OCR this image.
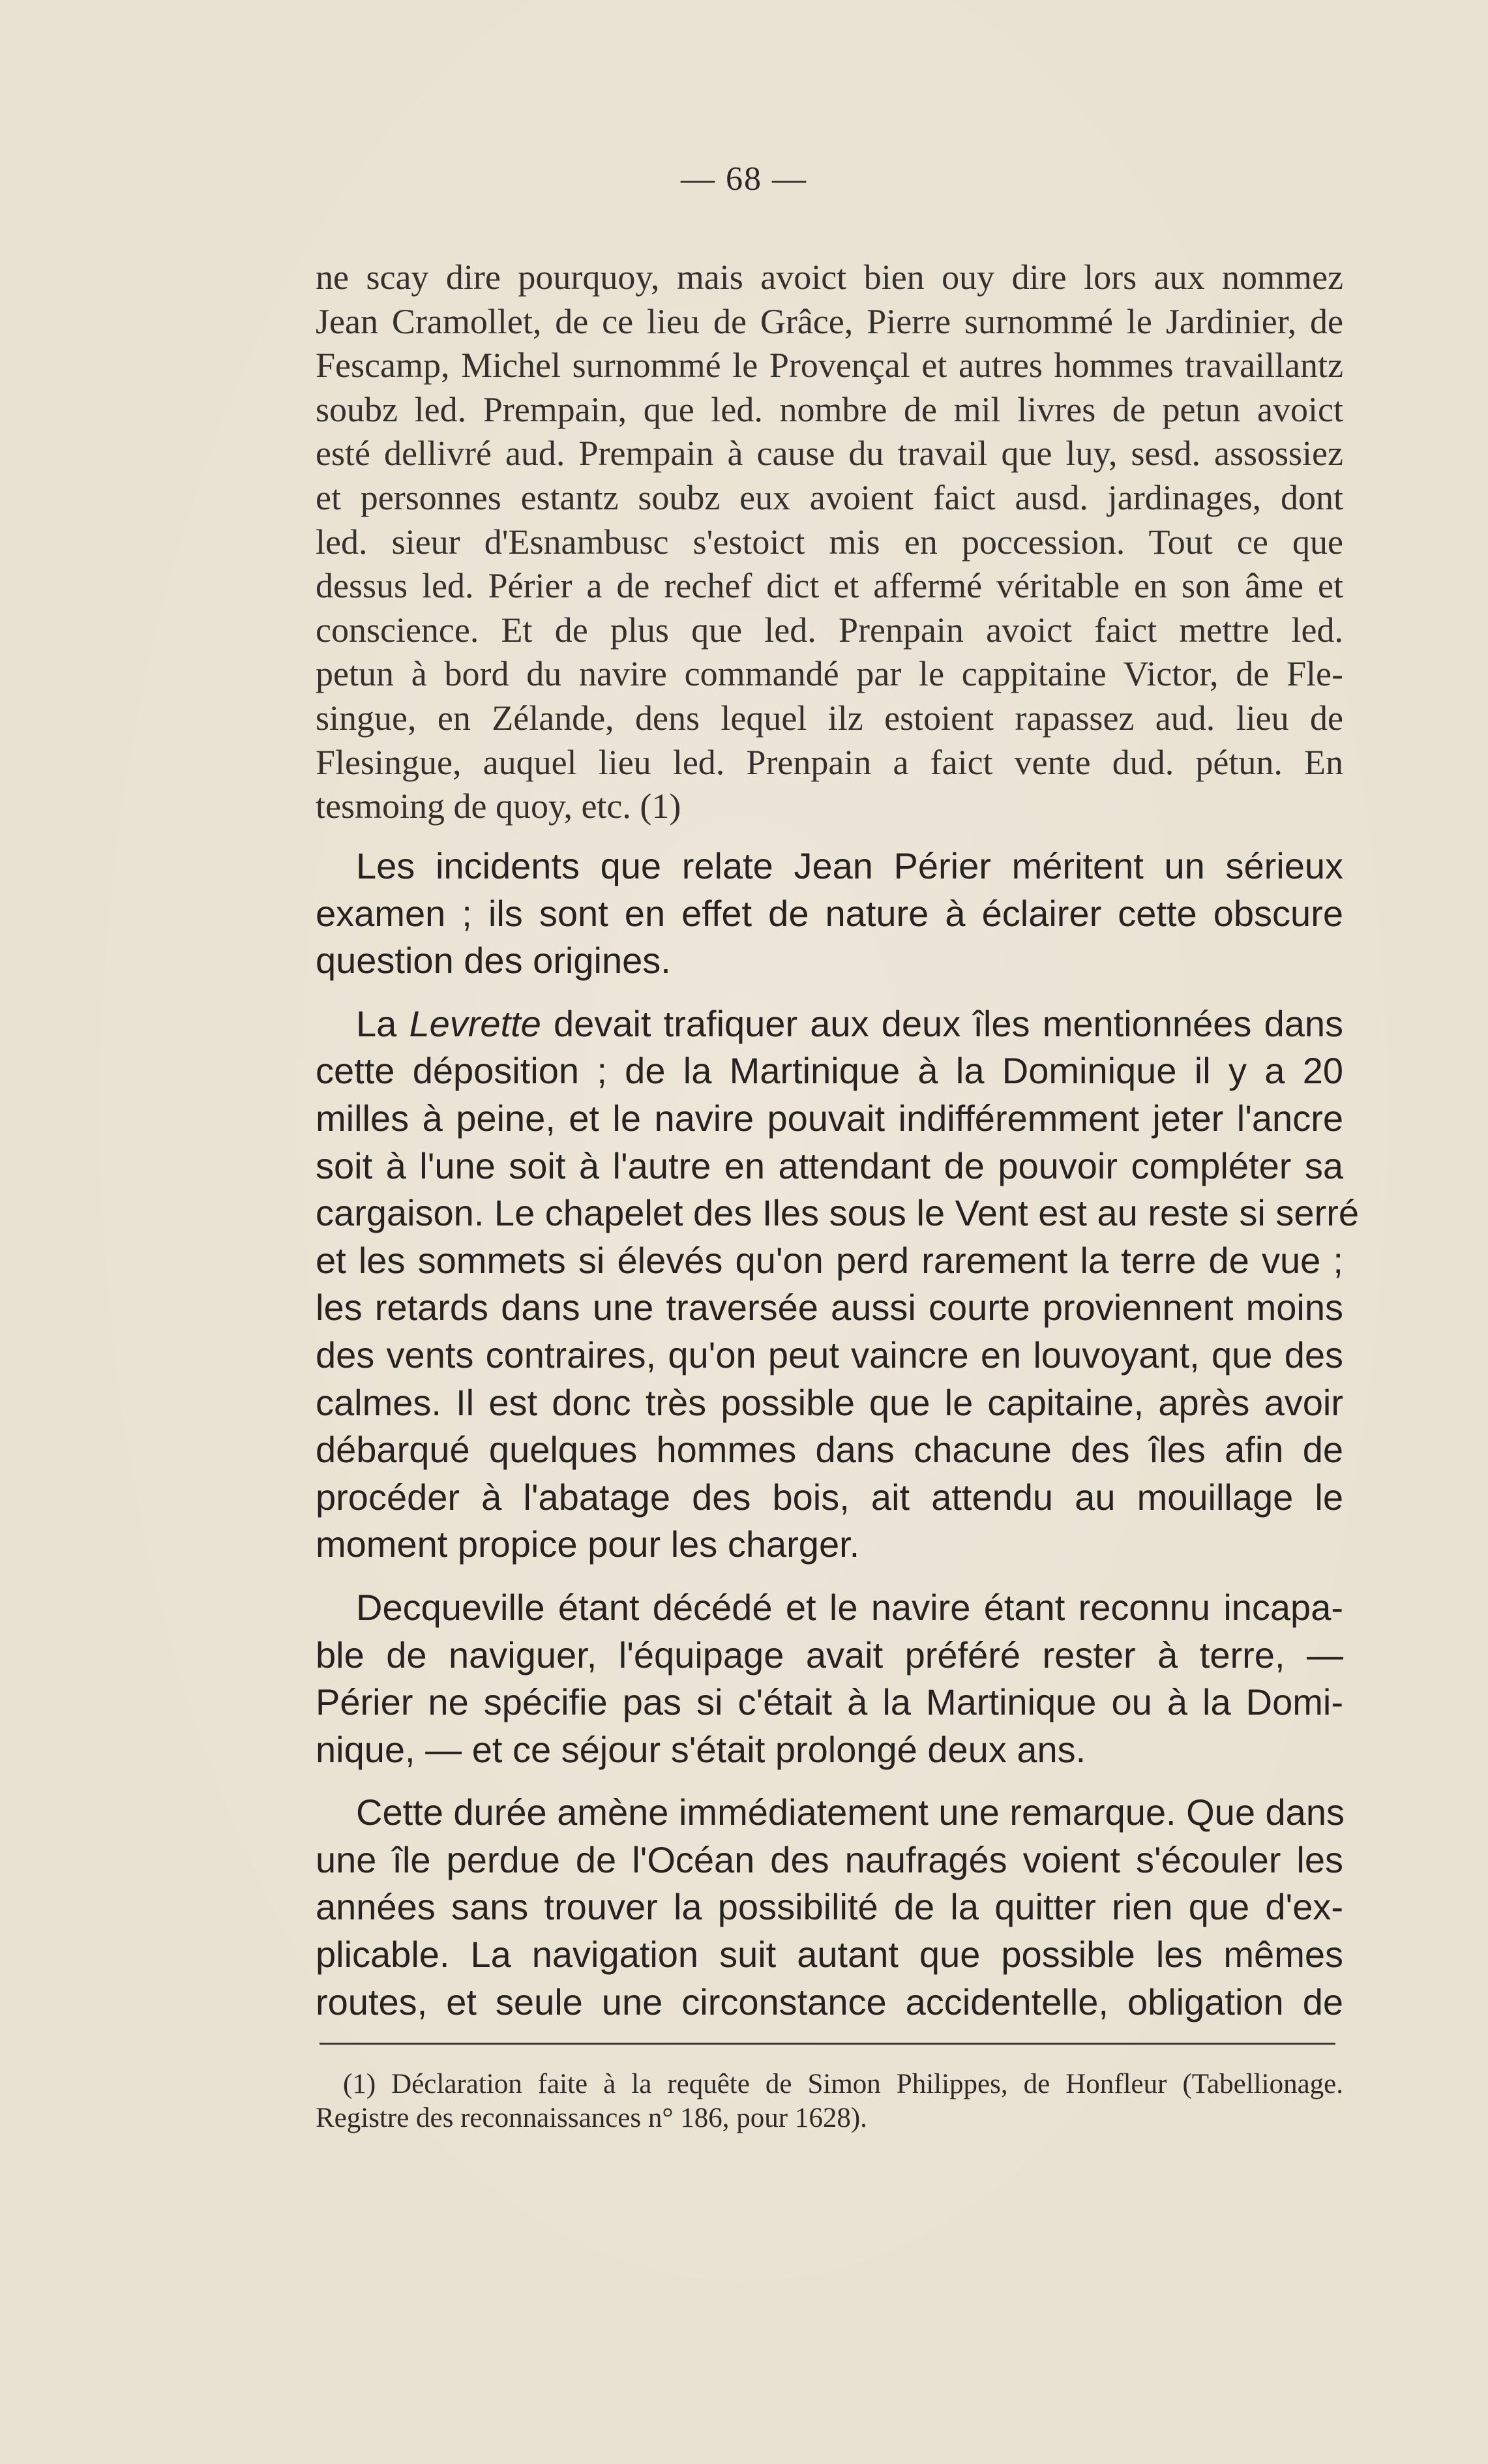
— 68 —
ne scay dire pourquoy, mais avoict bien ouy dire lors aux nommez
Jean Cramollet, de ce lieu de Grâce, Pierre surnommé le Jardinier, de
Fescamp, Michel surnommé le Provençal et autres hommes travaillantz
soubz led. Prempain, que led. nombre de mil livres de petun avoict
esté dellivré aud. Prempain à cause du travail que luy, sesd. assossiez
et personnes estantz soubz eux avoient faict ausd. jardinages, dont
led. sieur d'Esnambusc s'estoict mis en poccession. Tout ce que
dessus led. Périer a de rechef dict et affermé véritable en son âme et
conscience. Et de plus que led. Prenpain avoict faict mettre led.
petun à bord du navire commandé par le cappitaine Victor, de Fle-
singue, en Zélande, dens lequel ilz estoient rapassez aud. lieu de
Flesingue, auquel lieu led. Prenpain a faict vente dud. pétun. En
tesmoing de quoy, etc. (1)
Les incidents que relate Jean Périer méritent un sérieux
examen ; ils sont en effet de nature à éclairer cette obscure
question des origines.
La Levrette devait trafiquer aux deux îles mentionnées dans
cette déposition ; de la Martinique à la Dominique il y a 20
milles à peine, et le navire pouvait indifféremment jeter l'ancre
soit à l'une soit à l'autre en attendant de pouvoir compléter sa
cargaison. Le chapelet des Iles sous le Vent est au reste si serré
et les sommets si élevés qu'on perd rarement la terre de vue ;
les retards dans une traversée aussi courte proviennent moins
des vents contraires, qu'on peut vaincre en louvoyant, que des
calmes. Il est donc très possible que le capitaine, après avoir
débarqué quelques hommes dans chacune des îles afin de
procéder à l'abatage des bois, ait attendu au mouillage le
moment propice pour les charger.
Decqueville étant décédé et le navire étant reconnu incapa-
ble de naviguer, l'équipage avait préféré rester à terre, —
Périer ne spécifie pas si c'était à la Martinique ou à la Domi-
nique, — et ce séjour s'était prolongé deux ans.
Cette durée amène immédiatement une remarque. Que dans
une île perdue de l'Océan des naufragés voient s'écouler les
années sans trouver la possibilité de la quitter rien que d'ex-
plicable. La navigation suit autant que possible les mêmes
routes, et seule une circonstance accidentelle, obligation de
(1) Déclaration faite à la requête de Simon Philippes, de Honfleur (Tabellionage.
Registre des reconnaissances n° 186, pour 1628).
